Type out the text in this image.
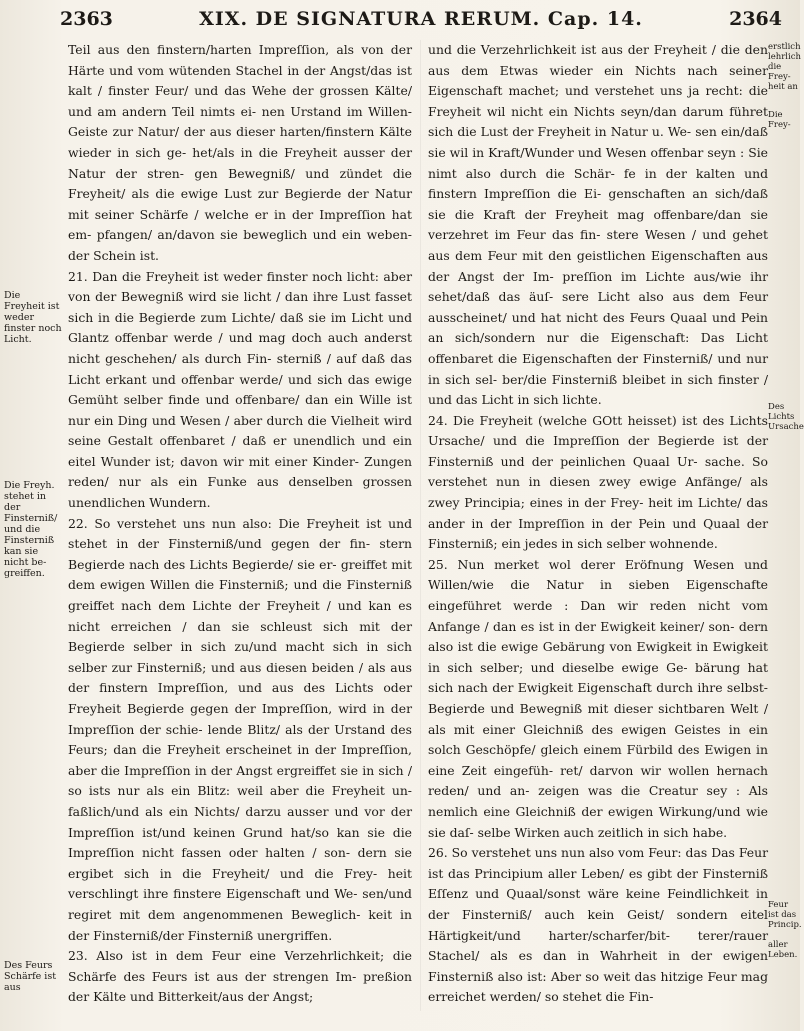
2363	XIX. DE SIGNATURA RERUM. Cap. 14.	2364
Die Freyheit ist weder finster noch Licht.
Die Freyh. stehet in der Finsterniß/ und die Finsterniß kan sie nicht be- greiffen.
Des Feurs Schärfe ist aus

Teil aus den finstern/harten Impreſſion, als von der Härte und vom wütenden Stachel in der Angst/das ist kalt / finster Feur/ und das Wehe der grossen Kälte/ und am andern Teil nimts ei- nen Urstand im Willen-Geiste zur Natur/ der aus dieser harten/finstern Kälte wieder in sich ge- het/als in die Freyheit ausser der Natur der stren- gen Bewegniß/ und zündet die Freyheit/ als die ewige Lust zur Begierde der Natur mit seiner Schärfe / welche er in der Impreſſion hat em- pfangen/ an/davon sie beweglich und ein weben- der Schein ist.

21. Dan die Freyheit ist weder finster noch licht: aber von der Bewegniß wird sie licht / dan ihre Lust fasset sich in die Begierde zum Lichte/ daß sie im Licht und Glantz offenbar werde / und mag doch auch anderst nicht geschehen/ als durch Fin- sterniß / auf daß das Licht erkant und offenbar werde/ und sich das ewige Gemüht selber finde und offenbare/ dan ein Wille ist nur ein Ding und Wesen / aber durch die Vielheit wird seine Gestalt offenbaret / daß er unendlich und ein eitel Wunder ist; davon wir mit einer Kinder- Zungen reden/ nur als ein Funke aus denselben grossen unendlichen Wundern.

22. So verstehet uns nun also: Die Freyheit ist und stehet in der Finsterniß/und gegen der fin- stern Begierde nach des Lichts Begierde/ sie er- greiffet mit dem ewigen Willen die Finsterniß; und die Finsterniß greiffet nach dem Lichte der Freyheit / und kan es nicht erreichen / dan sie schleust sich mit der Begierde selber in sich zu/und macht sich in sich selber zur Finsterniß; und aus diesen beiden / als aus der finstern Impreſſion, und aus des Lichts oder Freyheit Begierde gegen der Impreſſion, wird in der Impreſſion der schie- lende Blitz/ als der Urstand des Feurs; dan die Freyheit erscheinet in der Impreſſion, aber die Impreſſion in der Angst ergreiffet sie in sich / so ists nur als ein Blitz: weil aber die Freyheit un- faßlich/und als ein Nichts/ darzu ausser und vor der Impreſſion ist/und keinen Grund hat/so kan sie die Impreſſion nicht fassen oder halten / son- dern sie ergibet sich in die Freyheit/ und die Frey- heit verschlingt ihre finstere Eigenschaft und We- sen/und regiret mit dem angenommenen Beweglich- keit in der Finsterniß/der Finsterniß unergriffen.

23. Also ist in dem Feur eine Verzehrlichkeit; die Schärfe des Feurs ist aus der strengen Im- preßion der Kälte und Bitterkeit/aus der Angst;

und die Verzehrlichkeit ist aus der Freyheit / die den aus dem Etwas wieder ein Nichts nach seiner Eigenschaft machet; und verstehet uns ja recht: die Freyheit wil nicht ein Nichts seyn/dan darum führet sich die Lust der Freyheit in Natur u. We- sen ein/daß sie wil in Kraft/Wunder und Wesen offenbar seyn : Sie nimt also durch die Schär- fe in der kalten und finstern Impreſſion die Ei- genschaften an sich/daß sie die Kraft der Freyheit mag offenbare/dan sie verzehret im Feur das fin- stere Wesen / und gehet aus dem Feur mit den geistlichen Eigenschaften aus der Angst der Im- preſſion im Lichte aus/wie ihr sehet/daß das äuſ- sere Licht also aus dem Feur ausscheinet/ und hat nicht des Feurs Quaal und Pein an sich/sondern nur die Eigenschaft: Das Licht offenbaret die Eigenschaften der Finsterniß/ und nur in sich sel- ber/die Finsterniß bleibet in sich finster / und das Licht in sich lichte.

24. Die Freyheit (welche GOtt heisset) ist des Lichts Ursache/ und die Impreſſion der Begierde ist der Finsterniß und der peinlichen Quaal Ur- sache. So verstehet nun in diesen zwey ewige Anfänge/ als zwey Principia; eines in der Frey- heit im Lichte/ das ander in der Impreſſion in der Pein und Quaal der Finsterniß; ein jedes in sich selber wohnende.

25. Nun merket wol derer Eröfnung Wesen und Willen/wie die Natur in sieben Eigenschafte eingeführet werde : Dan wir reden nicht vom Anfange / dan es ist in der Ewigkeit keiner/ son- dern also ist die ewige Gebärung von Ewigkeit in Ewigkeit in sich selber; und dieselbe ewige Ge- bärung hat sich nach der Ewigkeit Eigenschaft durch ihre selbst-Begierde und Bewegniß mit dieser sichtbaren Welt / als mit einer Gleichniß des ewigen Geistes in ein solch Geschöpfe/ gleich einem Fürbild des Ewigen in eine Zeit eingefüh- ret/ darvon wir wollen hernach reden/ und an- zeigen was die Creatur sey : Als nemlich eine Gleichniß der ewigen Wirkung/und wie sie daſ- selbe Wirken auch zeitlich in sich habe.

26. So verstehet uns nun also vom Feur: das Das Feur ist das Principium aller Leben/ es gibt der Finsterniß Eſſenz und Quaal/sonst wäre keine Feindlichkeit in der Finsterniß/ auch kein Geist/ sondern eitel Härtigkeit/und harter/scharfer/bit- terer/rauer Stachel/ als es dan in Wahrheit in der ewigen Finsterniß also ist: Aber so weit das hitzige Feur mag erreichet werden/ so stehet die Fin-

erstlich lehrlich die Frey- heit an
Die Frey-
Des Lichts Ursache
Feur ist das Princip.
aller Leben.
